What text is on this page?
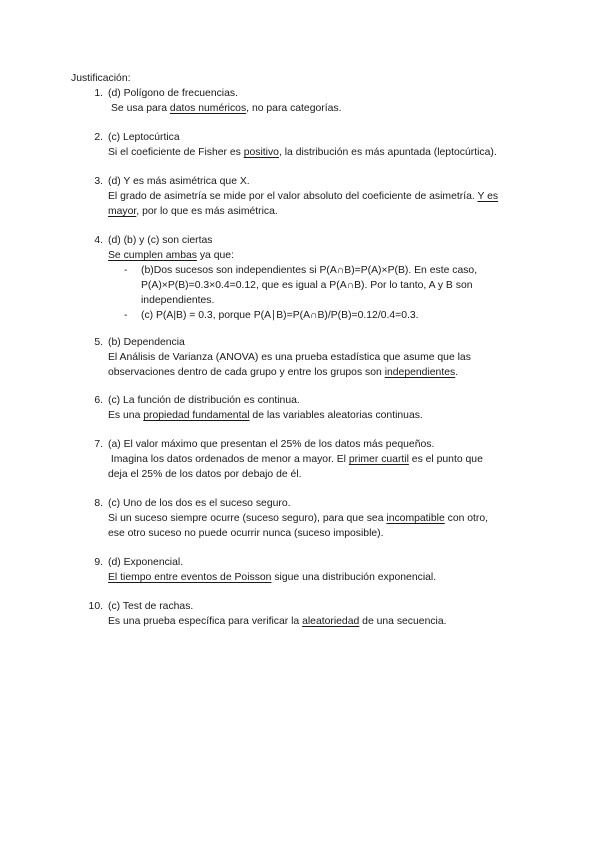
Justificación:
1. (d) Polígono de frecuencias.
Se usa para datos numéricos, no para categorías.
2. (c) Leptocúrtica
Si el coeficiente de Fisher es positivo, la distribución es más apuntada (leptocúrtica).
3. (d) Y es más asimétrica que X.
El grado de asimetría se mide por el valor absoluto del coeficiente de asimetría. Y es
mayor, por lo que es más asimétrica.
4. (d) (b) y (c) son ciertas
Se cumplen ambas ya que:
- (b)Dos sucesos son independientes si P(A∩B)=P(A)×P(B). En este caso, P(A)×P(B)=0.3×0.4=0.12, que es igual a P(A∩B). Por lo tanto, A y B son independientes.
- (c) P(A|B) = 0.3, porque P(A∣B)=P(A∩B)/P(B)=0.12/0.4=0.3.
5. (b) Dependencia
El Análisis de Varianza (ANOVA) es una prueba estadística que asume que las
observaciones dentro de cada grupo y entre los grupos son independientes.
6. (c) La función de distribución es continua.
Es una propiedad fundamental de las variables aleatorias continuas.
7. (a) El valor máximo que presentan el 25% de los datos más pequeños.
Imagina los datos ordenados de menor a mayor. El primer cuartil es el punto que
deja el 25% de los datos por debajo de él.
8. (c) Uno de los dos es el suceso seguro.
Si un suceso siempre ocurre (suceso seguro), para que sea incompatible con otro,
ese otro suceso no puede ocurrir nunca (suceso imposible).
9. (d) Exponencial.
El tiempo entre eventos de Poisson sigue una distribución exponencial.
10. (c) Test de rachas.
Es una prueba específica para verificar la aleatoriedad de una secuencia.
